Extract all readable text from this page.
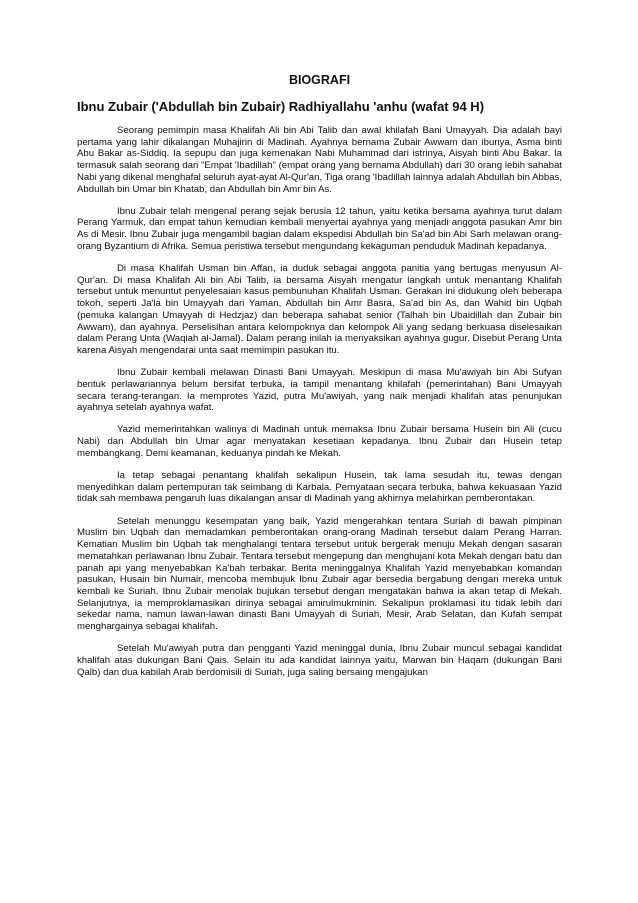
BIOGRAFI
Ibnu Zubair ('Abdullah bin Zubair) Radhiyallahu 'anhu (wafat 94 H)

Seorang pemimpin masa Khalifah Ali bin Abi Talib dan awal khilafah Bani Umayyah. Dia adalah bayi pertama yang lahir dikalangan Muhajirin di Madinah. Ayahnya bernama Zubair Awwam dan ibunya, Asma binti Abu Bakar as-Siddiq. Ia sepupu dan juga kemenakan Nabi Muhammad dari istrinya, Aisyah binti Abu Bakar. Ia termasuk salah seorang dari "Empat 'Ibadillah" (empat orang yang bernama Abdullah) dari 30 orang lebih sahabat Nabi yang dikenal menghafal seluruh ayat-ayat Al-Qur'an, Tiga orang 'Ibadillah lainnya adalah Abdullah bin Abbas, Abdullah bin Umar bin Khatab, dan Abdullah bin Amr bin As.

Ibnu Zubair telah mengenal perang sejak berusia 12 tahun, yaitu ketika bersama ayahnya turut dalam Perang Yarmuk, dan empat tahun kemudian kembali menyertai ayahnya yang menjadi anggota pasukan Amr bin As di Mesir. Ibnu Zubair juga mengambil bagian dalam ekspedisi Abdullah bin Sa'ad bin Abi Sarh melawan orang-orang Byzantium di Afrika. Semua peristiwa tersebut mengundang kekaguman penduduk Madinah kepadanya.

Di masa Khalifah Usman bin Affan, ia duduk sebagai anggota panitia yang bertugas menyusun Al-Qur'an. Di masa Khalifah Ali bin Abi Talib, ia bersama Aisyah mengatur langkah untuk menantang Khalifah tersebut untuk menuntut penyelesaian kasus pembunuhan Khalifah Usman. Gerakan ini didukung oleh beberapa tokoh, seperti Ja'la bin Umayyah dari Yaman, Abdullah bin Amr Basra, Sa'ad bin As, dan Wahid bin Uqbah (pemuka kalangan Umayyah di Hedzjaz) dan beberapa sahabat senior (Talhah bin Ubaidillah dan Zubair bin Awwam), dan ayahnya. Perselisihan antara kelompoknya dan kelompok Ali yang sedang berkuasa diselesaikan dalam Perang Unta (Waqiah al-Jamal). Dalam perang inilah ia menyaksikan ayahnya gugur. Disebut Perang Unta karena Aisyah mengendarai unta saat memimpin pasukan itu.

Ibnu Zubair kembali melawan Dinasti Bani Umayyah. Meskipun di masa Mu'awiyah bin Abi Sufyan bentuk perlawanannya belum bersifat terbuka, ia tampil menantang khilafah (pemerintahan) Bani Umayyah secara terang-terangan. Ia memprotes Yazid, putra Mu'awiyah, yang naik menjadi khalifah atas penunjukan ayahnya setelah ayahnya wafat.

Yazid memerintahkan walinya di Madinah untuk memaksa Ibnu Zubair bersama Husein bin Ali (cucu Nabi) dan Abdullah bin Umar agar menyatakan kesetiaan kepadanya. Ibnu Zubair dan Husein tetap membangkang. Demi keamanan, keduanya pindah ke Mekah.

Ia tetap sebagai penantang khalifah sekalipun Husein, tak lama sesudah itu, tewas dengan menyedihkan dalam pertempuran tak seimbang di Karbala. Pernyataan secara terbuka, bahwa kekuasaan Yazid tidak sah membawa pengaruh luas dikalangan ansar di Madinah yang akhirnya melahirkan pemberontakan.

Setelah menunggu kesempatan yang baik, Yazid mengerahkan tentara Suriah di bawah pimpinan Muslim bin Uqbah dan memadamkan pemberontakan orang-orang Madinah tersebut dalam Perang Harran. Kematian Muslim bin Uqbah tak menghalangi tentara tersebut untuk bergerak menuju Mekah dengan sasaran mematahkan perlawanan Ibnu Zubair. Tentara tersebut mengepung dan menghujani kota Mekah dengan batu dan panah api yang menyebabkan Ka'bah terbakar. Berita meninggalnya Khalifah Yazid menyebabkan komandan pasukan, Husain bin Numair, mencoba membujuk Ibnu Zubair agar bersedia bergabung dengan mereka untuk kembali ke Suriah. Ibnu Zubair menolak bujukan tersebut dengan mengatakan bahwa ia akan tetap di Mekah. Selanjutnya, ia memproklamasikan dirinya sebagai amirulmukminin. Sekalipun proklamasi itu tidak lebih dari sekedar nama, namun lawan-lawan dinasti Bani Umayyah di Suriah, Mesir, Arab Selatan, dan Kufah sempat menghargainya sebagai khalifah.

Setelah Mu'awiyah putra dan pengganti Yazid meninggal dunia, Ibnu Zubair muncul sebagai kandidat khalifah atas dukungan Bani Qais. Selain itu ada kandidat lainnya yaitu, Marwan bin Haqam (dukungan Bani Qalb) dan dua kabilah Arab berdomisili di Suriah, juga saling bersaing mengajukan
